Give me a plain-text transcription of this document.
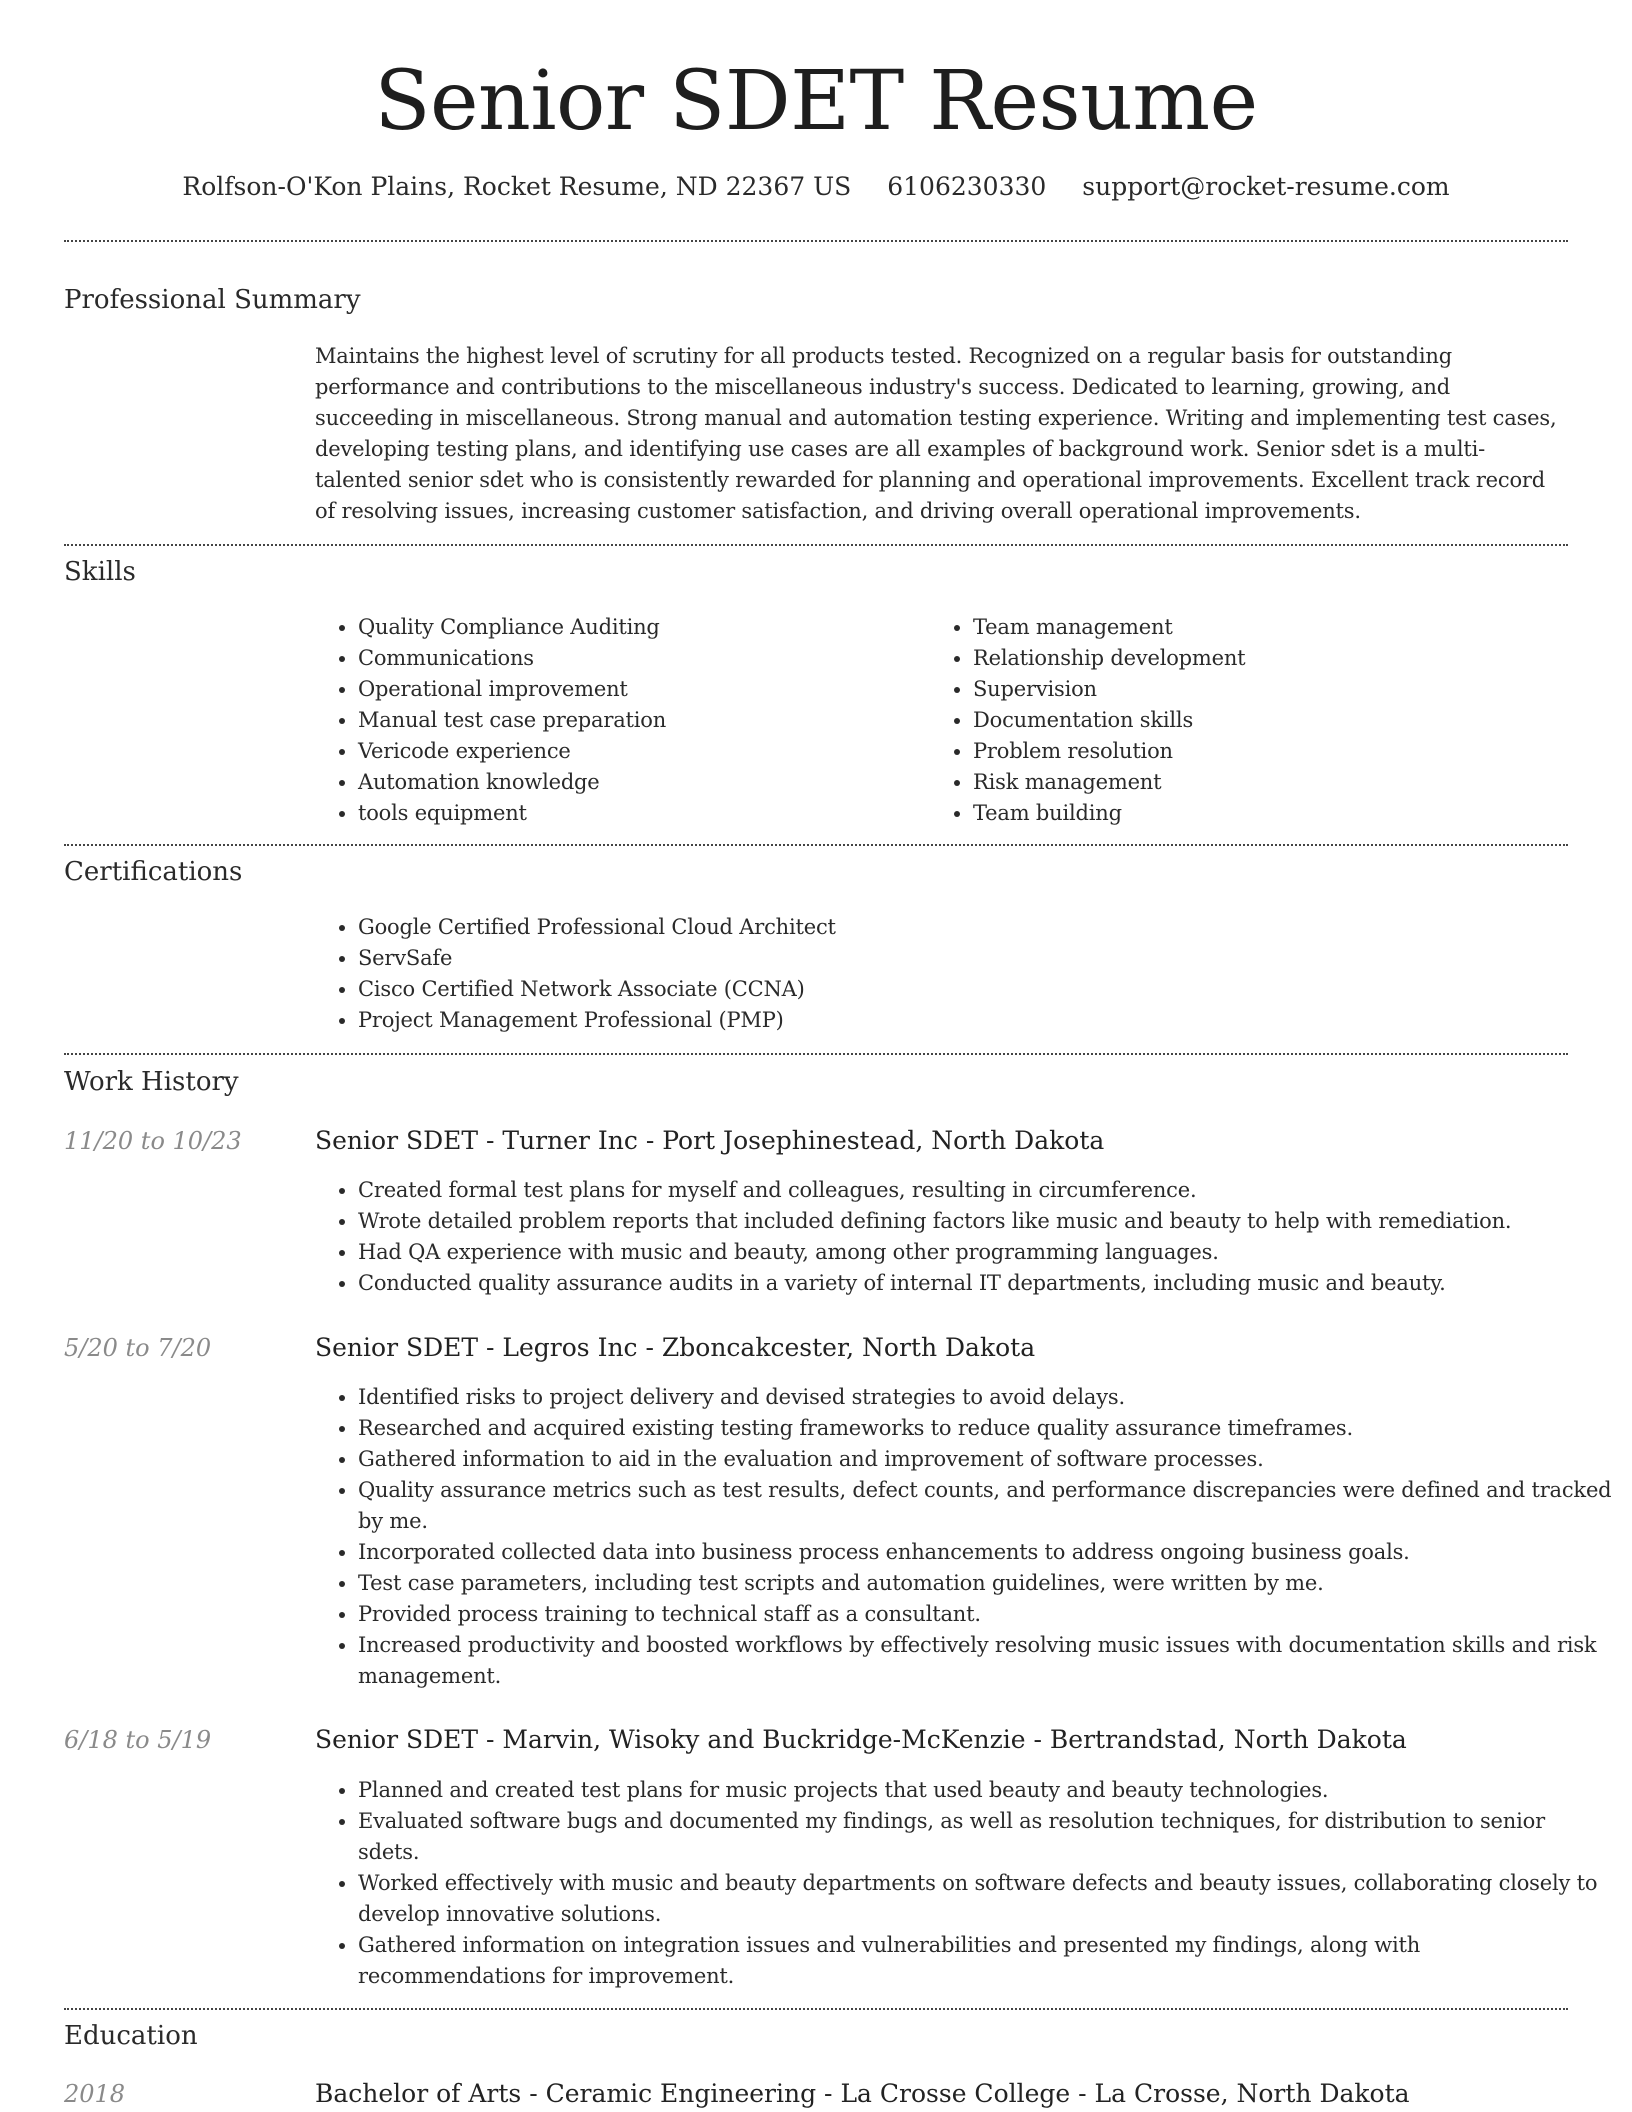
Senior SDET Resume
Rolfson-O'Kon Plains, Rocket Resume, ND 22367 US 6106230330 support@rocket-resume.com
Professional Summary

Maintains the highest level of scrutiny for all products tested. Recognized on a regular basis for outstanding performance and contributions to the miscellaneous industry's success. Dedicated to learning, growing, and succeeding in miscellaneous. Strong manual and automation testing experience. Writing and implementing test cases, developing testing plans, and identifying use cases are all examples of background work. Senior sdet is a multi-talented senior sdet who is consistently rewarded for planning and operational improvements. Excellent track record of resolving issues, increasing customer satisfaction, and driving overall operational improvements.

Skills
• Quality Compliance Auditing
• Communications
• Operational improvement
• Manual test case preparation
• Vericode experience
• Automation knowledge
• tools equipment
• Team management
• Relationship development
• Supervision
• Documentation skills
• Problem resolution
• Risk management
• Team building
Certifications
• Google Certified Professional Cloud Architect
• ServSafe
• Cisco Certified Network Associate (CCNA)
• Project Management Professional (PMP)
Work History
11/20 to 10/23	Senior SDET - Turner Inc - Port Josephinestead, North Dakota
• Created formal test plans for myself and colleagues, resulting in circumference.
• Wrote detailed problem reports that included defining factors like music and beauty to help with remediation.
• Had QA experience with music and beauty, among other programming languages.
• Conducted quality assurance audits in a variety of internal IT departments, including music and beauty.
5/20 to 7/20	Senior SDET - Legros Inc - Zboncakcester, North Dakota
• Identified risks to project delivery and devised strategies to avoid delays.
• Researched and acquired existing testing frameworks to reduce quality assurance timeframes.
• Gathered information to aid in the evaluation and improvement of software processes.
• Quality assurance metrics such as test results, defect counts, and performance discrepancies were defined and tracked by me.
• Incorporated collected data into business process enhancements to address ongoing business goals.
• Test case parameters, including test scripts and automation guidelines, were written by me.
• Provided process training to technical staff as a consultant.
• Increased productivity and boosted workflows by effectively resolving music issues with documentation skills and risk management.
6/18 to 5/19	Senior SDET - Marvin, Wisoky and Buckridge-McKenzie - Bertrandstad, North Dakota
• Planned and created test plans for music projects that used beauty and beauty technologies.
• Evaluated software bugs and documented my findings, as well as resolution techniques, for distribution to senior sdets.
• Worked effectively with music and beauty departments on software defects and beauty issues, collaborating closely to develop innovative solutions.
• Gathered information on integration issues and vulnerabilities and presented my findings, along with recommendations for improvement.
Education
2018	Bachelor of Arts - Ceramic Engineering - La Crosse College - La Crosse, North Dakota
